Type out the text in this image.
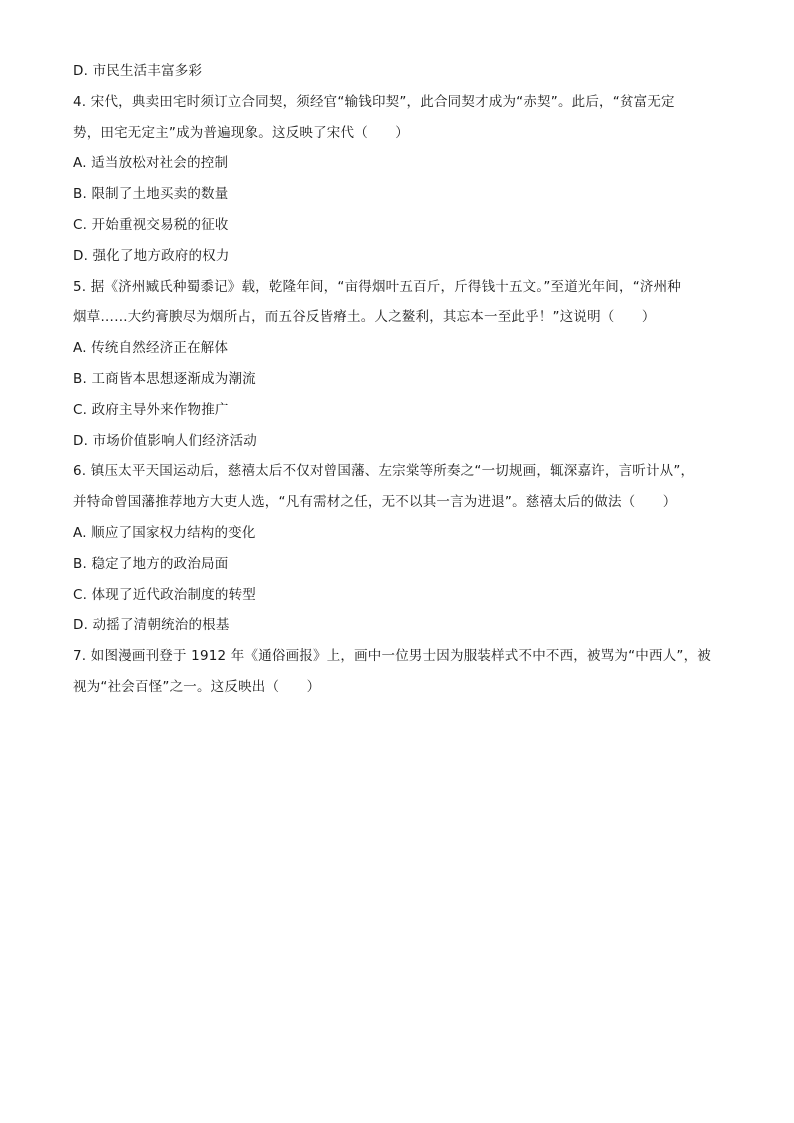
D. 市民生活丰富多彩
4. 宋代，典卖田宅时须订立合同契，须经官“输钱印契”，此合同契才成为“赤契”。此后，“贫富无定
势，田宅无定主”成为普遍现象。这反映了宋代（　　）
A. 适当放松对社会的控制
B. 限制了土地买卖的数量
C. 开始重视交易税的征收
D. 强化了地方政府的权力
5. 据《济州臧氏种蜀黍记》载，乾隆年间，“亩得烟叶五百斤，斤得钱十五文。”至道光年间，“济州种
烟草……大约膏腴尽为烟所占，而五谷反皆瘠土。人之鳌利，其忘本一至此乎！”这说明（　　）
A. 传统自然经济正在解体
B. 工商皆本思想逐渐成为潮流
C. 政府主导外来作物推广
D. 市场价值影响人们经济活动
6. 镇压太平天国运动后，慈禧太后不仅对曾国藩、左宗棠等所奏之“一切规画，辄深嘉许，言听计从”，
并特命曾国藩推荐地方大吏人选，“凡有需材之任，无不以其一言为进退”。慈禧太后的做法（　　）
A. 顺应了国家权力结构的变化
B. 稳定了地方的政治局面
C. 体现了近代政治制度的转型
D. 动摇了清朝统治的根基
7. 如图漫画刊登于 1912 年《通俗画报》上，画中一位男士因为服装样式不中不西，被骂为“中西人”，被
视为“社会百怪”之一。这反映出（　　）
